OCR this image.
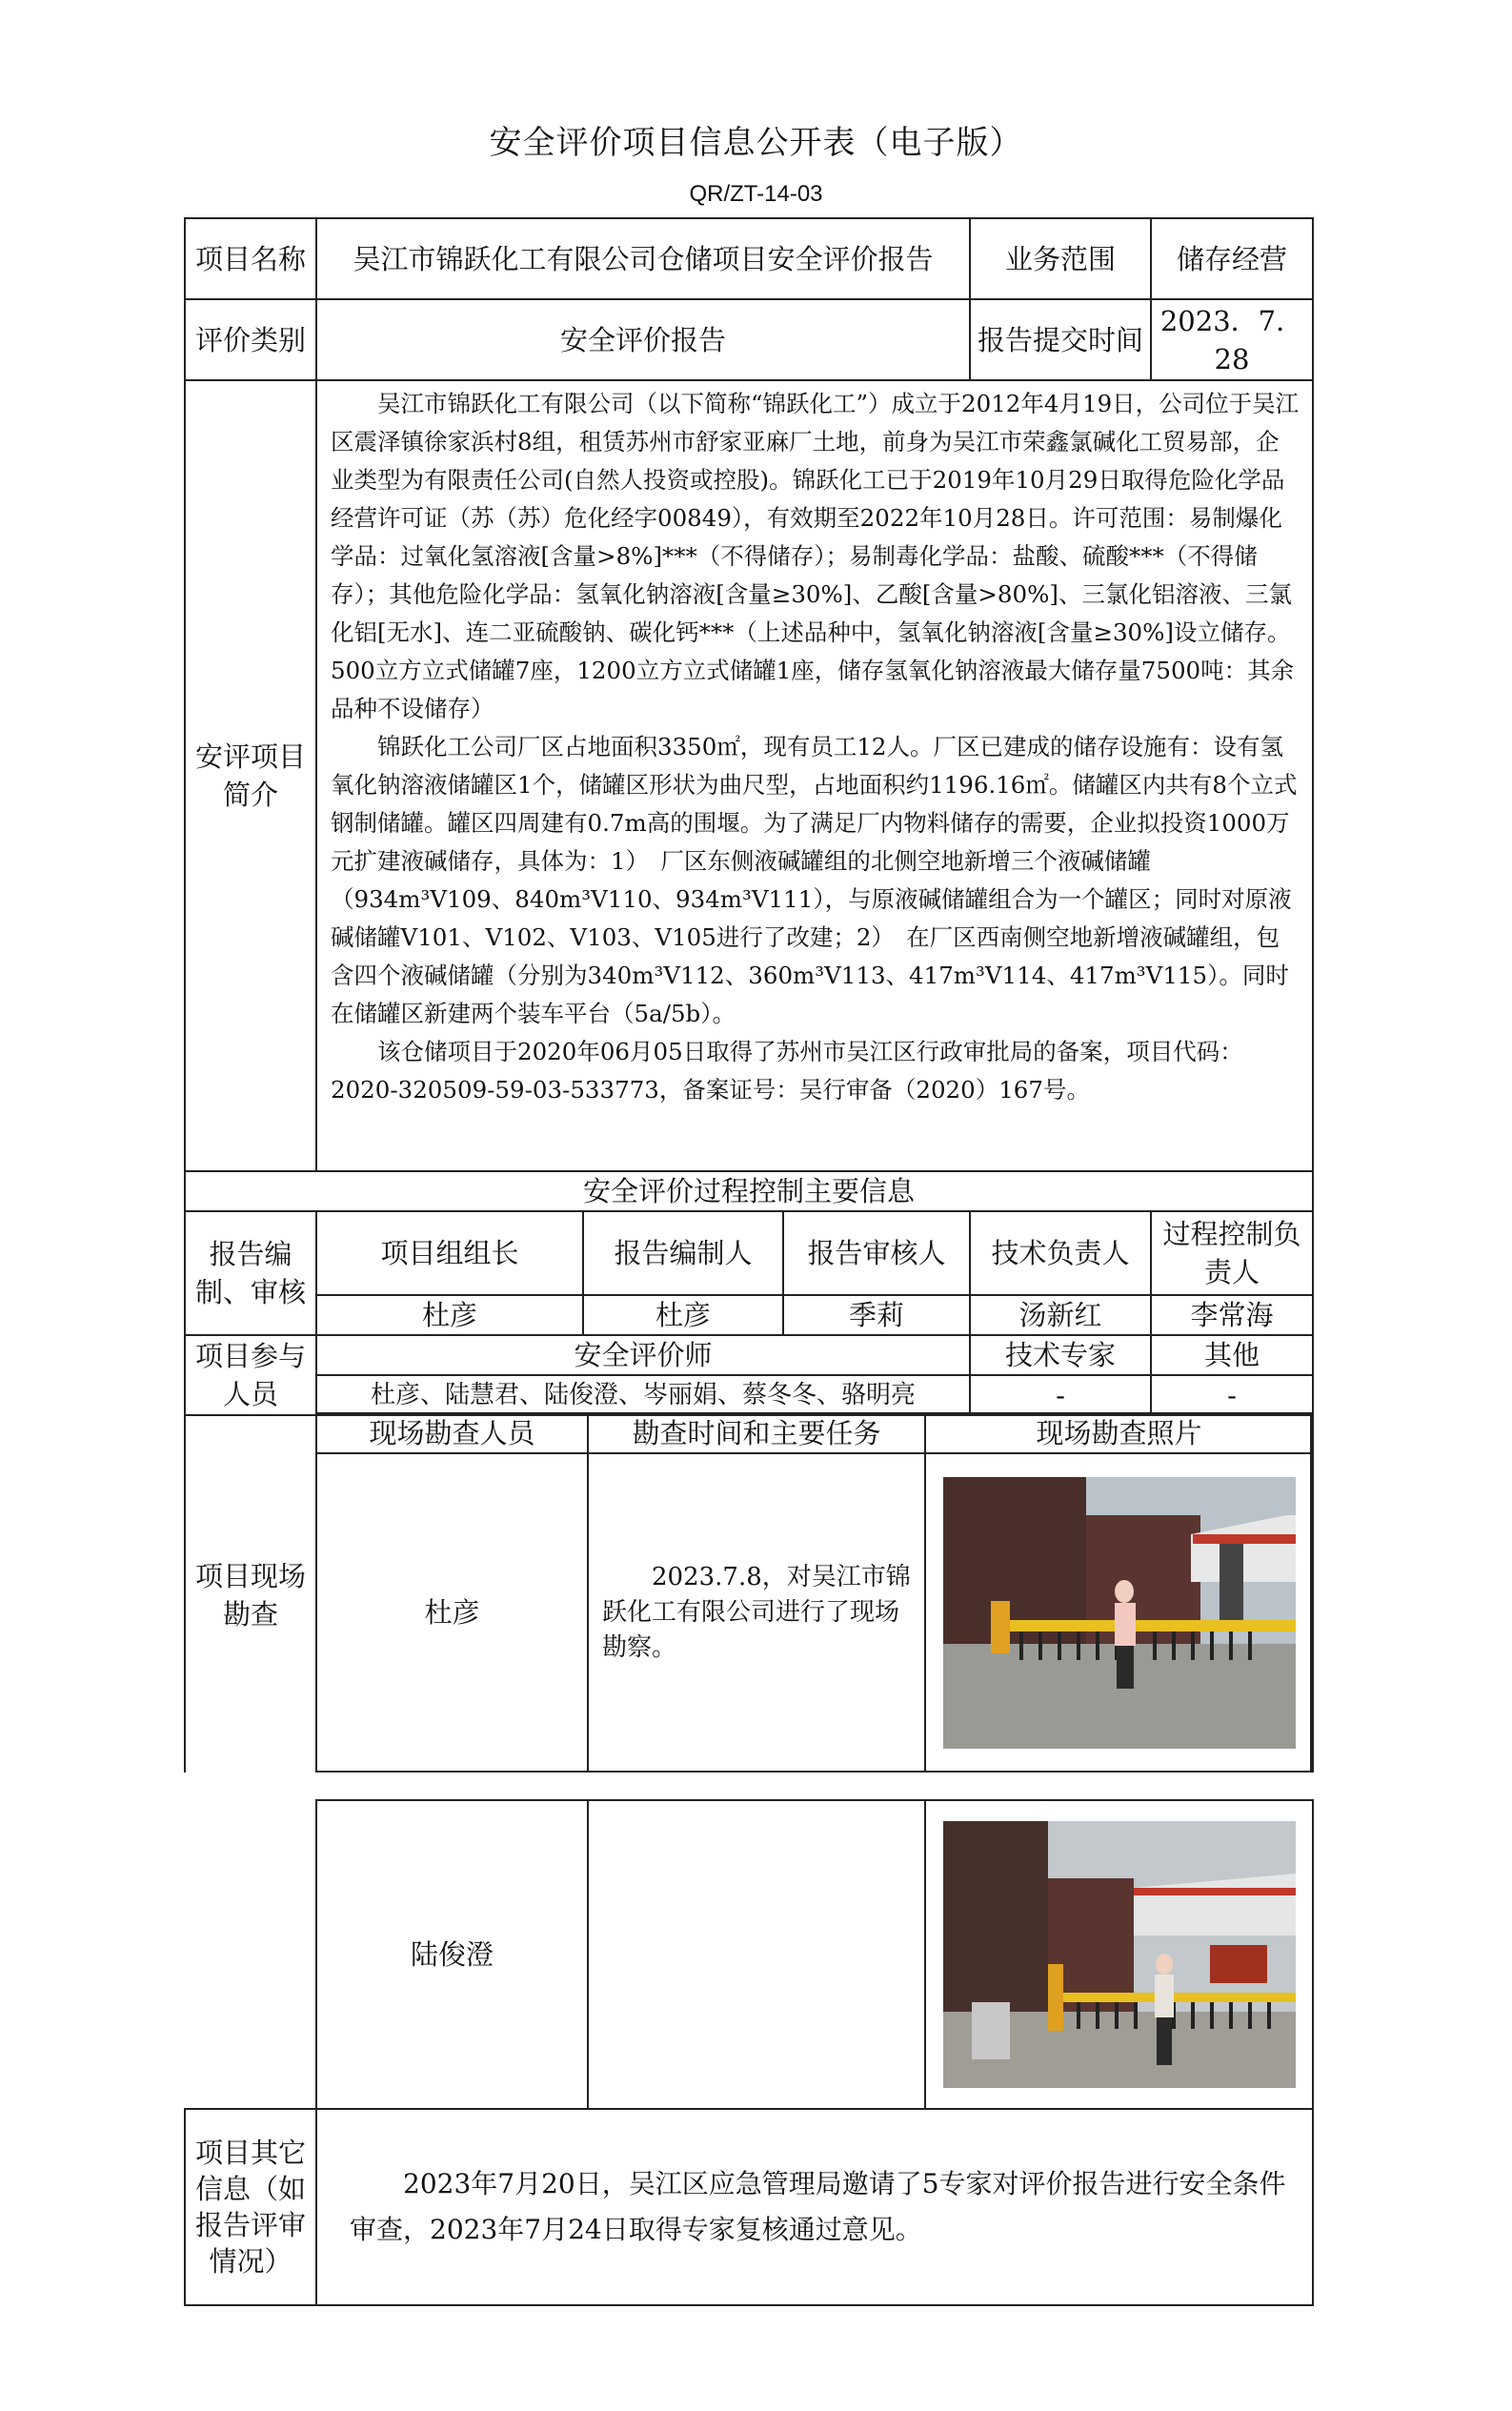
安全评价项目信息公开表（电子版）
QR/ZT-14-03
项目名称	吴江市锦跃化工有限公司仓储项目安全评价报告			业务范围	储存经营
评价类别	安全评价报告			报告提交时间	2023．7．28
安评项目简介	吴江市锦跃化工有限公司（以下简称“锦跃化工”）成立于2012年4月19日，公司位于吴江区震泽镇徐家浜村8组，租赁苏州市舒家亚麻厂土地，前身为吴江市荣鑫氯碱化工贸易部，企业类型为有限责任公司(自然人投资或控股)。锦跃化工已于2019年10月29日取得危险化学品经营许可证（苏（苏）危化经字00849），有效期至2022年10月28日。许可范围：易制爆化学品：过氧化氢溶液[含量>8%]***（不得储存）；易制毒化学品：盐酸、硫酸***（不得储存）；其他危险化学品：氢氧化钠溶液[含量≥30%]、乙酸[含量>80%]、三氯化铝溶液、三氯化铝[无水]、连二亚硫酸钠、碳化钙***（上述品种中，氢氧化钠溶液[含量≥30%]设立储存。500立方立式储罐7座，1200立方立式储罐1座，储存氢氧化钠溶液最大储存量7500吨：其余品种不设储存）

锦跃化工公司厂区占地面积3350㎡，现有员工12人。厂区已建成的储存设施有：设有氢氧化钠溶液储罐区1个，储罐区形状为曲尺型，占地面积约1196.16㎡。储罐区内共有8个立式钢制储罐。罐区四周建有0.7m高的围堰。为了满足厂内物料储存的需要，企业拟投资1000万元扩建液碱储存，具体为：1）　厂区东侧液碱罐组的北侧空地新增三个液碱储罐（934m³V109、840m³V110、934m³V111），与原液碱储罐组合为一个罐区；同时对原液碱储罐V101、V102、V103、V105进行了改建；2）　在厂区西南侧空地新增液碱罐组，包含四个液碱储罐（分别为340m³V112、360m³V113、417m³V114、417m³V115）。同时在储罐区新建两个装车平台（5a/5b）。

该仓储项目于2020年06月05日取得了苏州市吴江区行政审批局的备案，项目代码：2020-320509-59-03-533773，备案证号：吴行审备（2020）167号。				

安全评价过程控制主要信息					
报告编制、审核	项目组组长	报告编制人	报告审核人	技术负责人	过程控制负责人
	杜彦	杜彦	季莉	汤新红	李常海
项目参与人员	安全评价师			技术专家	其他
	杜彦、陆慧君、陆俊澄、岑丽娟、蔡冬冬、骆明亮			-	-
项目现场勘查
现场勘查人员	勘查时间和主要任务	现场勘查照片
杜彦	2023.7.8，对吴江市锦跃化工有限公司进行了现场勘察。

陆俊澄		
项目其它信息（如报告评审情况）	
2023年7月20日，吴江区应急管理局邀请了5专家对评价报告进行安全条件审查，2023年7月24日取得专家复核通过意见。
